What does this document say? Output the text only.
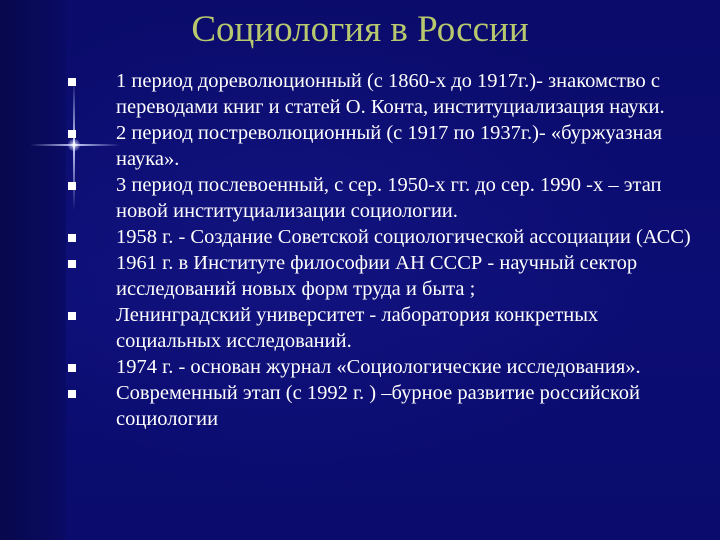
Социология в России
1 период дореволюционный (с 1860-х до 1917г.)- знакомство с переводами книг и статей О. Конта, институциализация науки.
2 период постреволюционный (с 1917 по 1937г.)- «буржуазная наука».
3 период послевоенный, с сер. 1950-х гг. до сер. 1990 -х – этап новой институциализации социологии.
1958 г. - Создание Советской социологической ассоциации (АСС)
1961 г. в Институте философии АН СССР - научный сектор исследований новых форм труда и быта ;
Ленинградский университет - лаборатория конкретных социальных исследований.
1974 г. - основан журнал «Социологические исследования».
Современный этап (с 1992 г. ) –бурное развитие российской социологии
